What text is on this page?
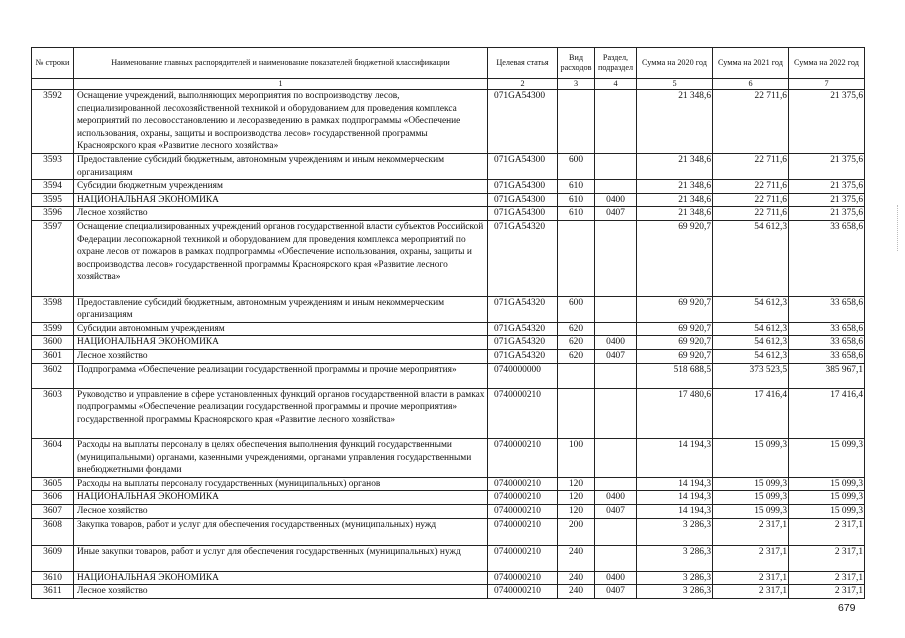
№ строки	Наименование главных распорядителей и наименование показателей бюджетной классификации	Целевая статья	Вид расходов	Раздел, подраздел	Сумма на 2020 год	Сумма на 2021 год	Сумма на 2022 год
	1	2	3	4	5	6	7
3592	Оснащение учреждений, выполняющих мероприятия по воспроизводству лесов, специализированной лесохозяйственной техникой и оборудованием для проведения комплекса мероприятий по лесовосстановлению и лесоразведению в рамках подпрограммы «Обеспечение использования, охраны, защиты и воспроизводства лесов» государственной программы Красноярского края «Развитие лесного хозяйства»	071GA54300			21 348,6	22 711,6	21 375,6
3593	Предоставление субсидий бюджетным, автономным учреждениям и иным некоммерческим организациям	071GA54300	600		21 348,6	22 711,6	21 375,6
3594	Субсидии бюджетным учреждениям	071GA54300	610		21 348,6	22 711,6	21 375,6
3595	НАЦИОНАЛЬНАЯ ЭКОНОМИКА	071GA54300	610	0400	21 348,6	22 711,6	21 375,6
3596	Лесное хозяйство	071GA54300	610	0407	21 348,6	22 711,6	21 375,6
3597	Оснащение специализированных учреждений органов государственной власти субъектов Российской Федерации лесопожарной техникой и оборудованием для проведения комплекса мероприятий по охране лесов от пожаров в рамках подпрограммы «Обеспечение использования, охраны, защиты и воспроизводства лесов» государственной программы Красноярского края «Развитие лесного хозяйства»	071GA54320			69 920,7	54 612,3	33 658,6
3598	Предоставление субсидий бюджетным, автономным учреждениям и иным некоммерческим организациям	071GA54320	600		69 920,7	54 612,3	33 658,6
3599	Субсидии автономным учреждениям	071GA54320	620		69 920,7	54 612,3	33 658,6
3600	НАЦИОНАЛЬНАЯ ЭКОНОМИКА	071GA54320	620	0400	69 920,7	54 612,3	33 658,6
3601	Лесное хозяйство	071GA54320	620	0407	69 920,7	54 612,3	33 658,6
3602	Подпрограмма «Обеспечение реализации государственной программы и прочие мероприятия»	0740000000			518 688,5	373 523,5	385 967,1
3603	Руководство и управление в сфере установленных функций органов государственной власти в рамках подпрограммы «Обеспечение реализации государственной программы и прочие мероприятия» государственной программы Красноярского края «Развитие лесного хозяйства»	0740000210			17 480,6	17 416,4	17 416,4
3604	Расходы на выплаты персоналу в целях обеспечения выполнения функций государственными (муниципальными) органами, казенными учреждениями, органами управления государственными внебюджетными фондами	0740000210	100		14 194,3	15 099,3	15 099,3
3605	Расходы на выплаты персоналу государственных (муниципальных) органов	0740000210	120		14 194,3	15 099,3	15 099,3
3606	НАЦИОНАЛЬНАЯ ЭКОНОМИКА	0740000210	120	0400	14 194,3	15 099,3	15 099,3
3607	Лесное хозяйство	0740000210	120	0407	14 194,3	15 099,3	15 099,3
3608	Закупка товаров, работ и услуг для обеспечения государственных (муниципальных) нужд	0740000210	200		3 286,3	2 317,1	2 317,1
3609	Иные закупки товаров, работ и услуг для обеспечения государственных (муниципальных) нужд	0740000210	240		3 286,3	2 317,1	2 317,1
3610	НАЦИОНАЛЬНАЯ ЭКОНОМИКА	0740000210	240	0400	3 286,3	2 317,1	2 317,1
3611	Лесное хозяйство	0740000210	240	0407	3 286,3	2 317,1	2 317,1
679
